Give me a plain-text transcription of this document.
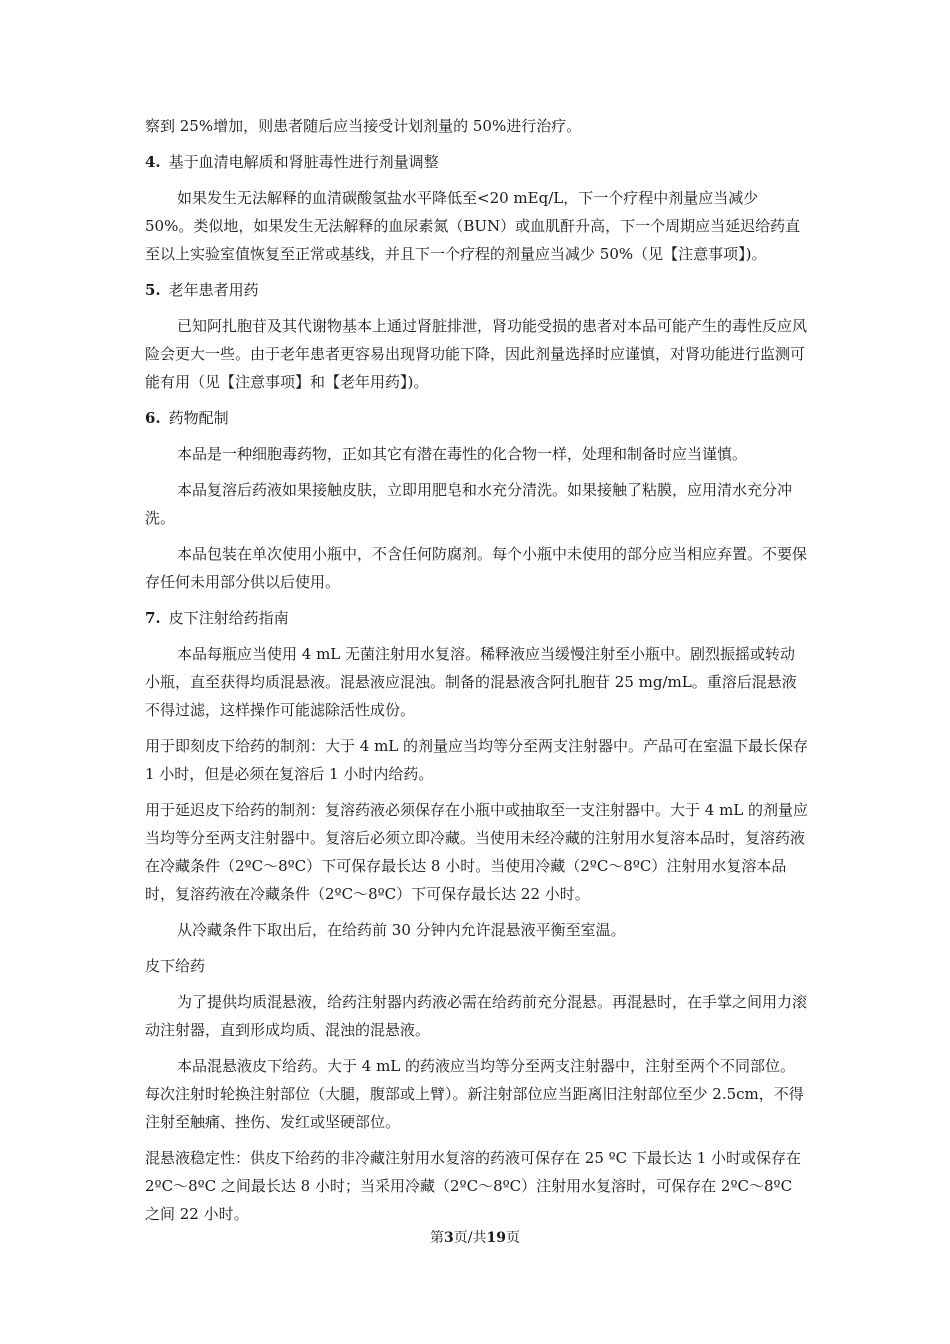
察到 25%增加，则患者随后应当接受计划剂量的 50%进行治疗。

4. 基于血清电解质和肾脏毒性进行剂量调整

如果发生无法解释的血清碳酸氢盐水平降低至<20 mEq/L，下一个疗程中剂量应当减少 50%。类似地，如果发生无法解释的血尿素氮（BUN）或血肌酐升高，下一个周期应当延迟给药直至以上实验室值恢复至正常或基线，并且下一个疗程的剂量应当减少 50%（见【注意事项】)。

5. 老年患者用药

已知阿扎胞苷及其代谢物基本上通过肾脏排泄，肾功能受损的患者对本品可能产生的毒性反应风险会更大一些。由于老年患者更容易出现肾功能下降，因此剂量选择时应谨慎，对肾功能进行监测可能有用（见【注意事项】和【老年用药】)。

6. 药物配制

本品是一种细胞毒药物，正如其它有潜在毒性的化合物一样，处理和制备时应当谨慎。

本品复溶后药液如果接触皮肤，立即用肥皂和水充分清洗。如果接触了粘膜，应用清水充分冲洗。

本品包装在单次使用小瓶中，不含任何防腐剂。每个小瓶中未使用的部分应当相应弃置。不要保存任何未用部分供以后使用。

7. 皮下注射给药指南

本品每瓶应当使用 4 mL 无菌注射用水复溶。稀释液应当缓慢注射至小瓶中。剧烈振摇或转动小瓶，直至获得均质混悬液。混悬液应混浊。制备的混悬液含阿扎胞苷 25 mg/mL。重溶后混悬液不得过滤，这样操作可能滤除活性成份。

用于即刻皮下给药的制剂：大于 4 mL 的剂量应当均等分至两支注射器中。产品可在室温下最长保存 1 小时，但是必须在复溶后 1 小时内给药。

用于延迟皮下给药的制剂：复溶药液必须保存在小瓶中或抽取至一支注射器中。大于 4 mL 的剂量应当均等分至两支注射器中。复溶后必须立即冷藏。当使用未经冷藏的注射用水复溶本品时，复溶药液在冷藏条件（2ºC～8ºC）下可保存最长达 8 小时。当使用冷藏（2ºC～8ºC）注射用水复溶本品时，复溶药液在冷藏条件（2ºC～8ºC）下可保存最长达 22 小时。

从冷藏条件下取出后，在给药前 30 分钟内允许混悬液平衡至室温。

皮下给药

为了提供均质混悬液，给药注射器内药液必需在给药前充分混悬。再混悬时，在手掌之间用力滚动注射器，直到形成均质、混浊的混悬液。

本品混悬液皮下给药。大于 4 mL 的药液应当均等分至两支注射器中，注射至两个不同部位。每次注射时轮换注射部位（大腿，腹部或上臂）。新注射部位应当距离旧注射部位至少 2.5cm，不得注射至触痛、挫伤、发红或坚硬部位。

混悬液稳定性：供皮下给药的非冷藏注射用水复溶的药液可保存在 25 ºC 下最长达 1 小时或保存在 2ºC～8ºC 之间最长达 8 小时；当采用冷藏（2ºC～8ºC）注射用水复溶时，可保存在 2ºC～8ºC 之间 22 小时。

第3页/共19页
